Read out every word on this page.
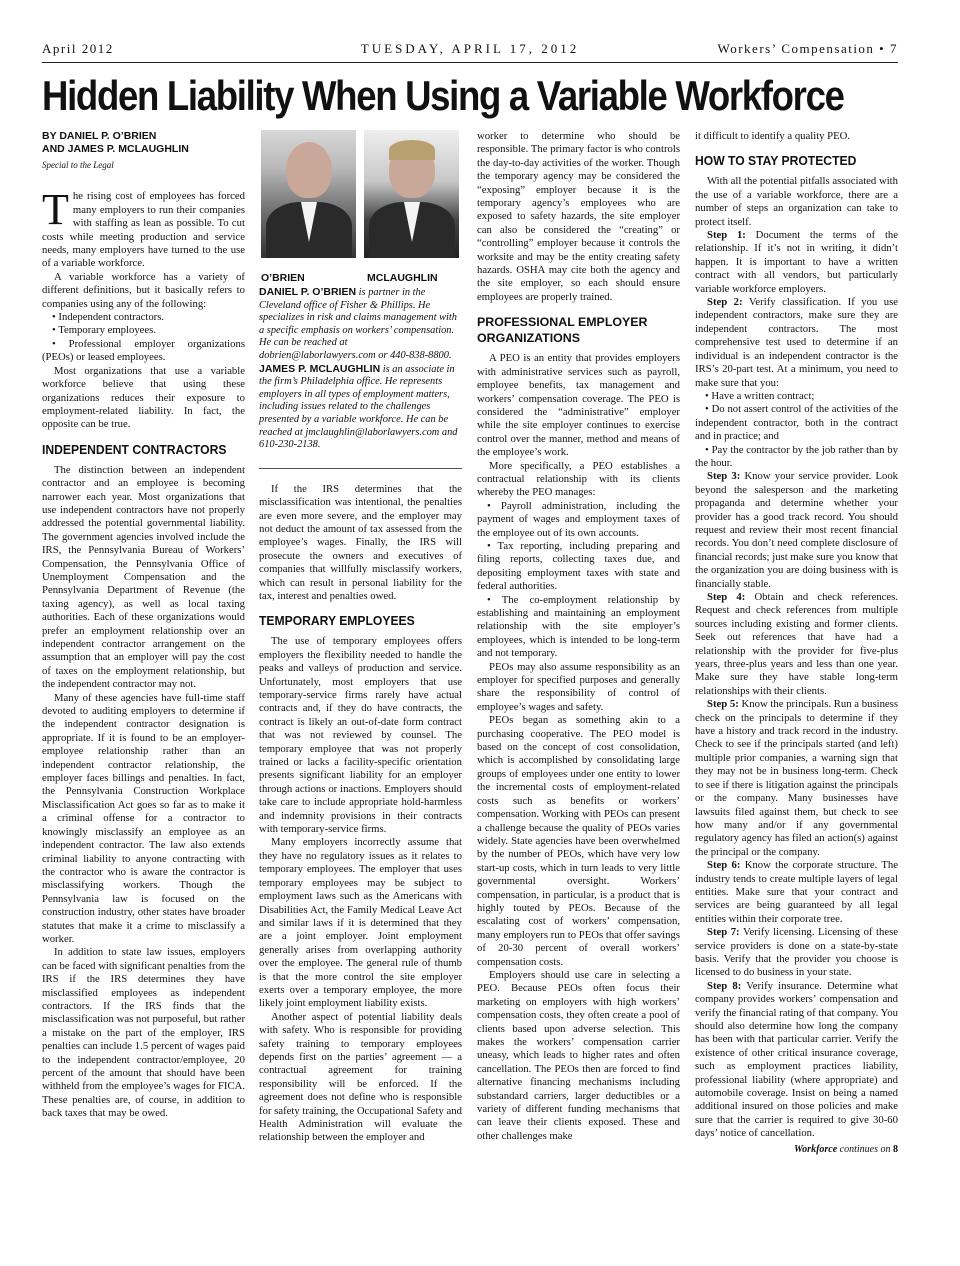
April 2012	TUESDAY, APRIL 17, 2012	Workers’ Compensation • 7
Hidden Liability When Using a Variable Workforce
BY DANIEL P. O’BRIEN
AND JAMES P. MCLAUGHLIN
Special to the Legal

The rising cost of employees has forced many employers to run their companies with staffing as lean as possible. To cut costs while meeting production and service needs, many employers have turned to the use of a variable workforce.

A variable workforce has a variety of different definitions, but it basically refers to companies using any of the following:

• Independent contractors.

• Temporary employees.

• Professional employer organizations (PEOs) or leased employees.

Most organizations that use a variable workforce believe that using these organizations reduces their exposure to employment-related liability. In fact, the opposite can be true.

INDEPENDENT CONTRACTORS

The distinction between an independent contractor and an employee is becoming narrower each year. Most organizations that use independent contractors have not properly addressed the potential governmental liability. The government agencies involved include the IRS, the Pennsylvania Bureau of Workers’ Compensation, the Pennsylvania Office of Unemployment Compensation and the Pennsylvania Department of Revenue (the taxing agency), as well as local taxing authorities. Each of these organizations would prefer an employment relationship over an independent contractor arrangement on the assumption that an employer will pay the cost of taxes on the employment relationship, but the independent contractor may not.

Many of these agencies have full-time staff devoted to auditing employers to determine if the independent contractor designation is appropriate. If it is found to be an employer-employee relationship rather than an independent contractor relationship, the employer faces billings and penalties. In fact, the Pennsylvania Construction Workplace Misclassification Act goes so far as to make it a criminal offense for a contractor to knowingly misclassify an employee as an independent contractor. The law also extends criminal liability to anyone contracting with the contractor who is aware the contractor is misclassifying workers. Though the Pennsylvania law is focused on the construction industry, other states have broader statutes that make it a crime to misclassify a worker.

In addition to state law issues, employers can be faced with significant penalties from the IRS if the IRS determines they have misclassified employees as independent contractors. If the IRS finds that the misclassification was not purposeful, but rather a mistake on the part of the employer, IRS penalties can include 1.5 percent of wages paid to the independent contractor/employee, 20 percent of the amount that should have been withheld from the employee’s wages for FICA. These penalties are, of course, in addition to back taxes that may be owed.

O’BRIEN	MCLAUGHLIN
DANIEL P. O’BRIEN is partner in the Cleveland office of Fisher & Phillips. He specializes in risk and claims management with a specific emphasis on workers’ compensation. He can be reached at dobrien@laborlawyers.com or 440-838-8800.
JAMES P. MCLAUGHLIN is an associate in the firm’s Philadelphia office. He represents employers in all types of employment matters, including issues related to the challenges presented by a variable workforce. He can be reached at jmclaughlin@laborlawyers.com and 610-230-2138.

If the IRS determines that the misclassification was intentional, the penalties are even more severe, and the employer may not deduct the amount of tax assessed from the employee’s wages. Finally, the IRS will prosecute the owners and executives of companies that willfully misclassify workers, which can result in personal liability for the tax, interest and penalties owed.

TEMPORARY EMPLOYEES

The use of temporary employees offers employers the flexibility needed to handle the peaks and valleys of production and service. Unfortunately, most employers that use temporary-service firms rarely have actual contracts and, if they do have contracts, the contract is likely an out-of-date form contract that was not reviewed by counsel. The temporary employee that was not properly trained or lacks a facility-specific orientation presents significant liability for an employer through actions or inactions. Employers should take care to include appropriate hold-harmless and indemnity provisions in their contracts with temporary-service firms.

Many employers incorrectly assume that they have no regulatory issues as it relates to temporary employees. The employer that uses temporary employees may be subject to employment laws such as the Americans with Disabilities Act, the Family Medical Leave Act and similar laws if it is determined that they are a joint employer. Joint employment generally arises from overlapping authority over the employee. The general rule of thumb is that the more control the site employer exerts over a temporary employee, the more likely joint employment liability exists.

Another aspect of potential liability deals with safety. Who is responsible for providing safety training to temporary employees depends first on the parties’ agreement — a contractual agreement for training responsibility will be enforced. If the agreement does not define who is responsible for safety training, the Occupational Safety and Health Administration will evaluate the relationship between the employer and

worker to determine who should be responsible. The primary factor is who controls the day-to-day activities of the worker. Though the temporary agency may be considered the “exposing” employer because it is the temporary agency’s employees who are exposed to safety hazards, the site employer can also be considered the “creating” or “controlling” employer because it controls the worksite and may be the entity creating safety hazards. OSHA may cite both the agency and the site employer, so each should ensure employees are properly trained.

PROFESSIONAL EMPLOYER ORGANIZATIONS

A PEO is an entity that provides employers with administrative services such as payroll, employee benefits, tax management and workers’ compensation coverage. The PEO is considered the “administrative” employer while the site employer continues to exercise control over the manner, method and means of the employee’s work.

More specifically, a PEO establishes a contractual relationship with its clients whereby the PEO manages:

• Payroll administration, including the payment of wages and employment taxes of the employee out of its own accounts.

• Tax reporting, including preparing and filing reports, collecting taxes due, and depositing employment taxes with state and federal authorities.

• The co-employment relationship by establishing and maintaining an employment relationship with the site employer’s employees, which is intended to be long-term and not temporary.

PEOs may also assume responsibility as an employer for specified purposes and generally share the responsibility of control of employee’s wages and safety.

PEOs began as something akin to a purchasing cooperative. The PEO model is based on the concept of cost consolidation, which is accomplished by consolidating large groups of employees under one entity to lower the incremental costs of employment-related costs such as benefits or workers’ compensation. Working with PEOs can present a challenge because the quality of PEOs varies widely. State agencies have been overwhelmed by the number of PEOs, which have very low start-up costs, which in turn leads to very little governmental oversight. Workers’ compensation, in particular, is a product that is highly touted by PEOs. Because of the escalating cost of workers’ compensation, many employers run to PEOs that offer savings of 20-30 percent of overall workers’ compensation costs.

Employers should use care in selecting a PEO. Because PEOs often focus their marketing on employers with high workers’ compensation costs, they often create a pool of clients based upon adverse selection. This makes the workers’ compensation carrier uneasy, which leads to higher rates and often cancellation. The PEOs then are forced to find alternative financing mechanisms including substandard carriers, larger deductibles or a variety of different funding mechanisms that can leave their clients exposed. These and other challenges make

it difficult to identify a quality PEO.

HOW TO STAY PROTECTED

With all the potential pitfalls associated with the use of a variable workforce, there are a number of steps an organization can take to protect itself.

Step 1: Document the terms of the relationship. If it’s not in writing, it didn’t happen. It is important to have a written contract with all vendors, but particularly variable workforce employers.

Step 2: Verify classification. If you use independent contractors, make sure they are independent contractors. The most comprehensive test used to determine if an individual is an independent contractor is the IRS’s 20-part test. At a minimum, you need to make sure that you:

• Have a written contract;

• Do not assert control of the activities of the independent contractor, both in the contract and in practice; and

• Pay the contractor by the job rather than by the hour.

Step 3: Know your service provider. Look beyond the salesperson and the marketing propaganda and determine whether your provider has a good track record. You should request and review their most recent financial records. You don’t need complete disclosure of financial records; just make sure you know that the organization you are doing business with is financially stable.

Step 4: Obtain and check references. Request and check references from multiple sources including existing and former clients. Seek out references that have had a relationship with the provider for five-plus years, three-plus years and less than one year. Make sure they have stable long-term relationships with their clients.

Step 5: Know the principals. Run a business check on the principals to determine if they have a history and track record in the industry. Check to see if the principals started (and left) multiple prior companies, a warning sign that they may not be in business long-term. Check to see if there is litigation against the principals or the company. Many businesses have lawsuits filed against them, but check to see how many and/or if any governmental regulatory agency has filed an action(s) against the principal or the company.

Step 6: Know the corporate structure. The industry tends to create multiple layers of legal entities. Make sure that your contract and services are being guaranteed by all legal entities within their corporate tree.

Step 7: Verify licensing. Licensing of these service providers is done on a state-by-state basis. Verify that the provider you choose is licensed to do business in your state.

Step 8: Verify insurance. Determine what company provides workers’ compensation and verify the financial rating of that company. You should also determine how long the company has been with that particular carrier. Verify the existence of other critical insurance coverage, such as employment practices liability, professional liability (where appropriate) and automobile coverage. Insist on being a named additional insured on those policies and make sure that the carrier is required to give 30-60 days’ notice of cancellation.

Workforce continues on 8
